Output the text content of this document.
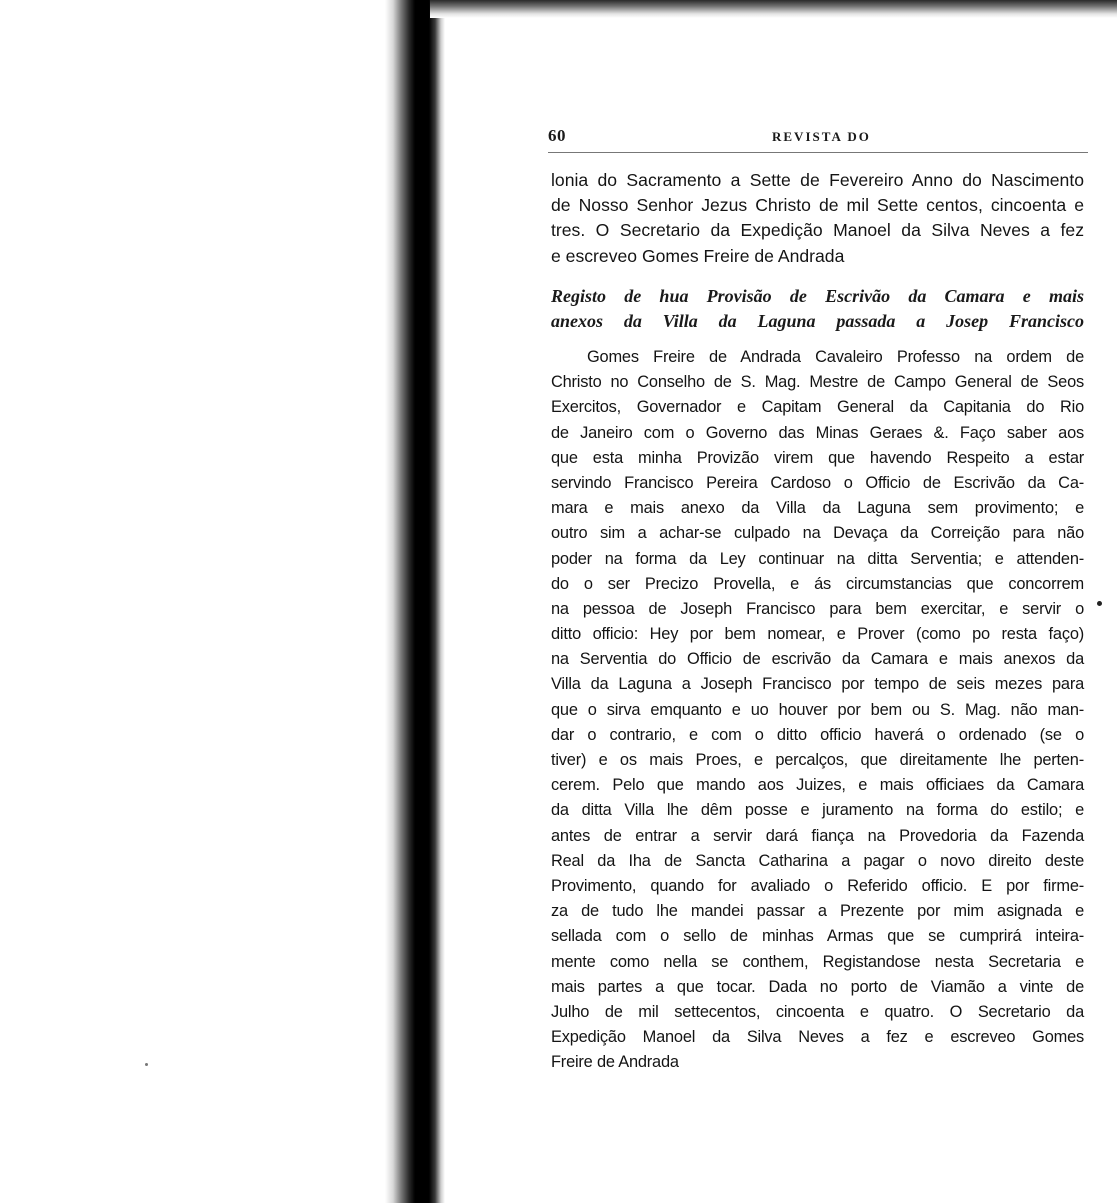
60	REVISTA DO
lonia do Sacramento a Sette de Fevereiro Anno do Nascimento
de Nosso Senhor Jezus Christo de mil Sette centos, cincoenta e
tres. O Secretario da Expedição Manoel da Silva Neves a fez
e escreveo Gomes Freire de Andrada
Registo de hua Provisão de Escrivão da Camara e mais
anexos da Villa da Laguna passada a Josep Francisco
Gomes Freire de Andrada Cavaleiro Professo na ordem de
Christo no Conselho de S. Mag. Mestre de Campo General de Seos
Exercitos, Governador e Capitam General da Capitania do Rio
de Janeiro com o Governo das Minas Geraes &. Faço saber aos
que esta minha Provizão virem que havendo Respeito a estar
servindo Francisco Pereira Cardoso o Officio de Escrivão da Ca-
mara e mais anexo da Villa da Laguna sem provimento; e
outro sim a achar-se culpado na Devaça da Correição para não
poder na forma da Ley continuar na ditta Serventia; e attenden-
do o ser Precizo Provella, e ás circumstancias que concorrem
na pessoa de Joseph Francisco para bem exercitar, e servir o
ditto officio: Hey por bem nomear, e Prover (como po resta faço)
na Serventia do Officio de escrivão da Camara e mais anexos da
Villa da Laguna a Joseph Francisco por tempo de seis mezes para
que o sirva emquanto e uo houver por bem ou S. Mag. não man-
dar o contrario, e com o ditto officio haverá o ordenado (se o
tiver) e os mais Proes, e percalços, que direitamente lhe perten-
cerem. Pelo que mando aos Juizes, e mais officiaes da Camara
da ditta Villa lhe dêm posse e juramento na forma do estilo; e
antes de entrar a servir dará fiança na Provedoria da Fazenda
Real da Iha de Sancta Catharina a pagar o novo direito deste
Provimento, quando for avaliado o Referido officio. E por firme-
za de tudo lhe mandei passar a Prezente por mim asignada e
sellada com o sello de minhas Armas que se cumprirá inteira-
mente como nella se conthem, Registandose nesta Secretaria e
mais partes a que tocar. Dada no porto de Viamão a vinte de
Julho de mil settecentos, cincoenta e quatro. O Secretario da
Expedição Manoel da Silva Neves a fez e escreveo Gomes
Freire de Andrada
